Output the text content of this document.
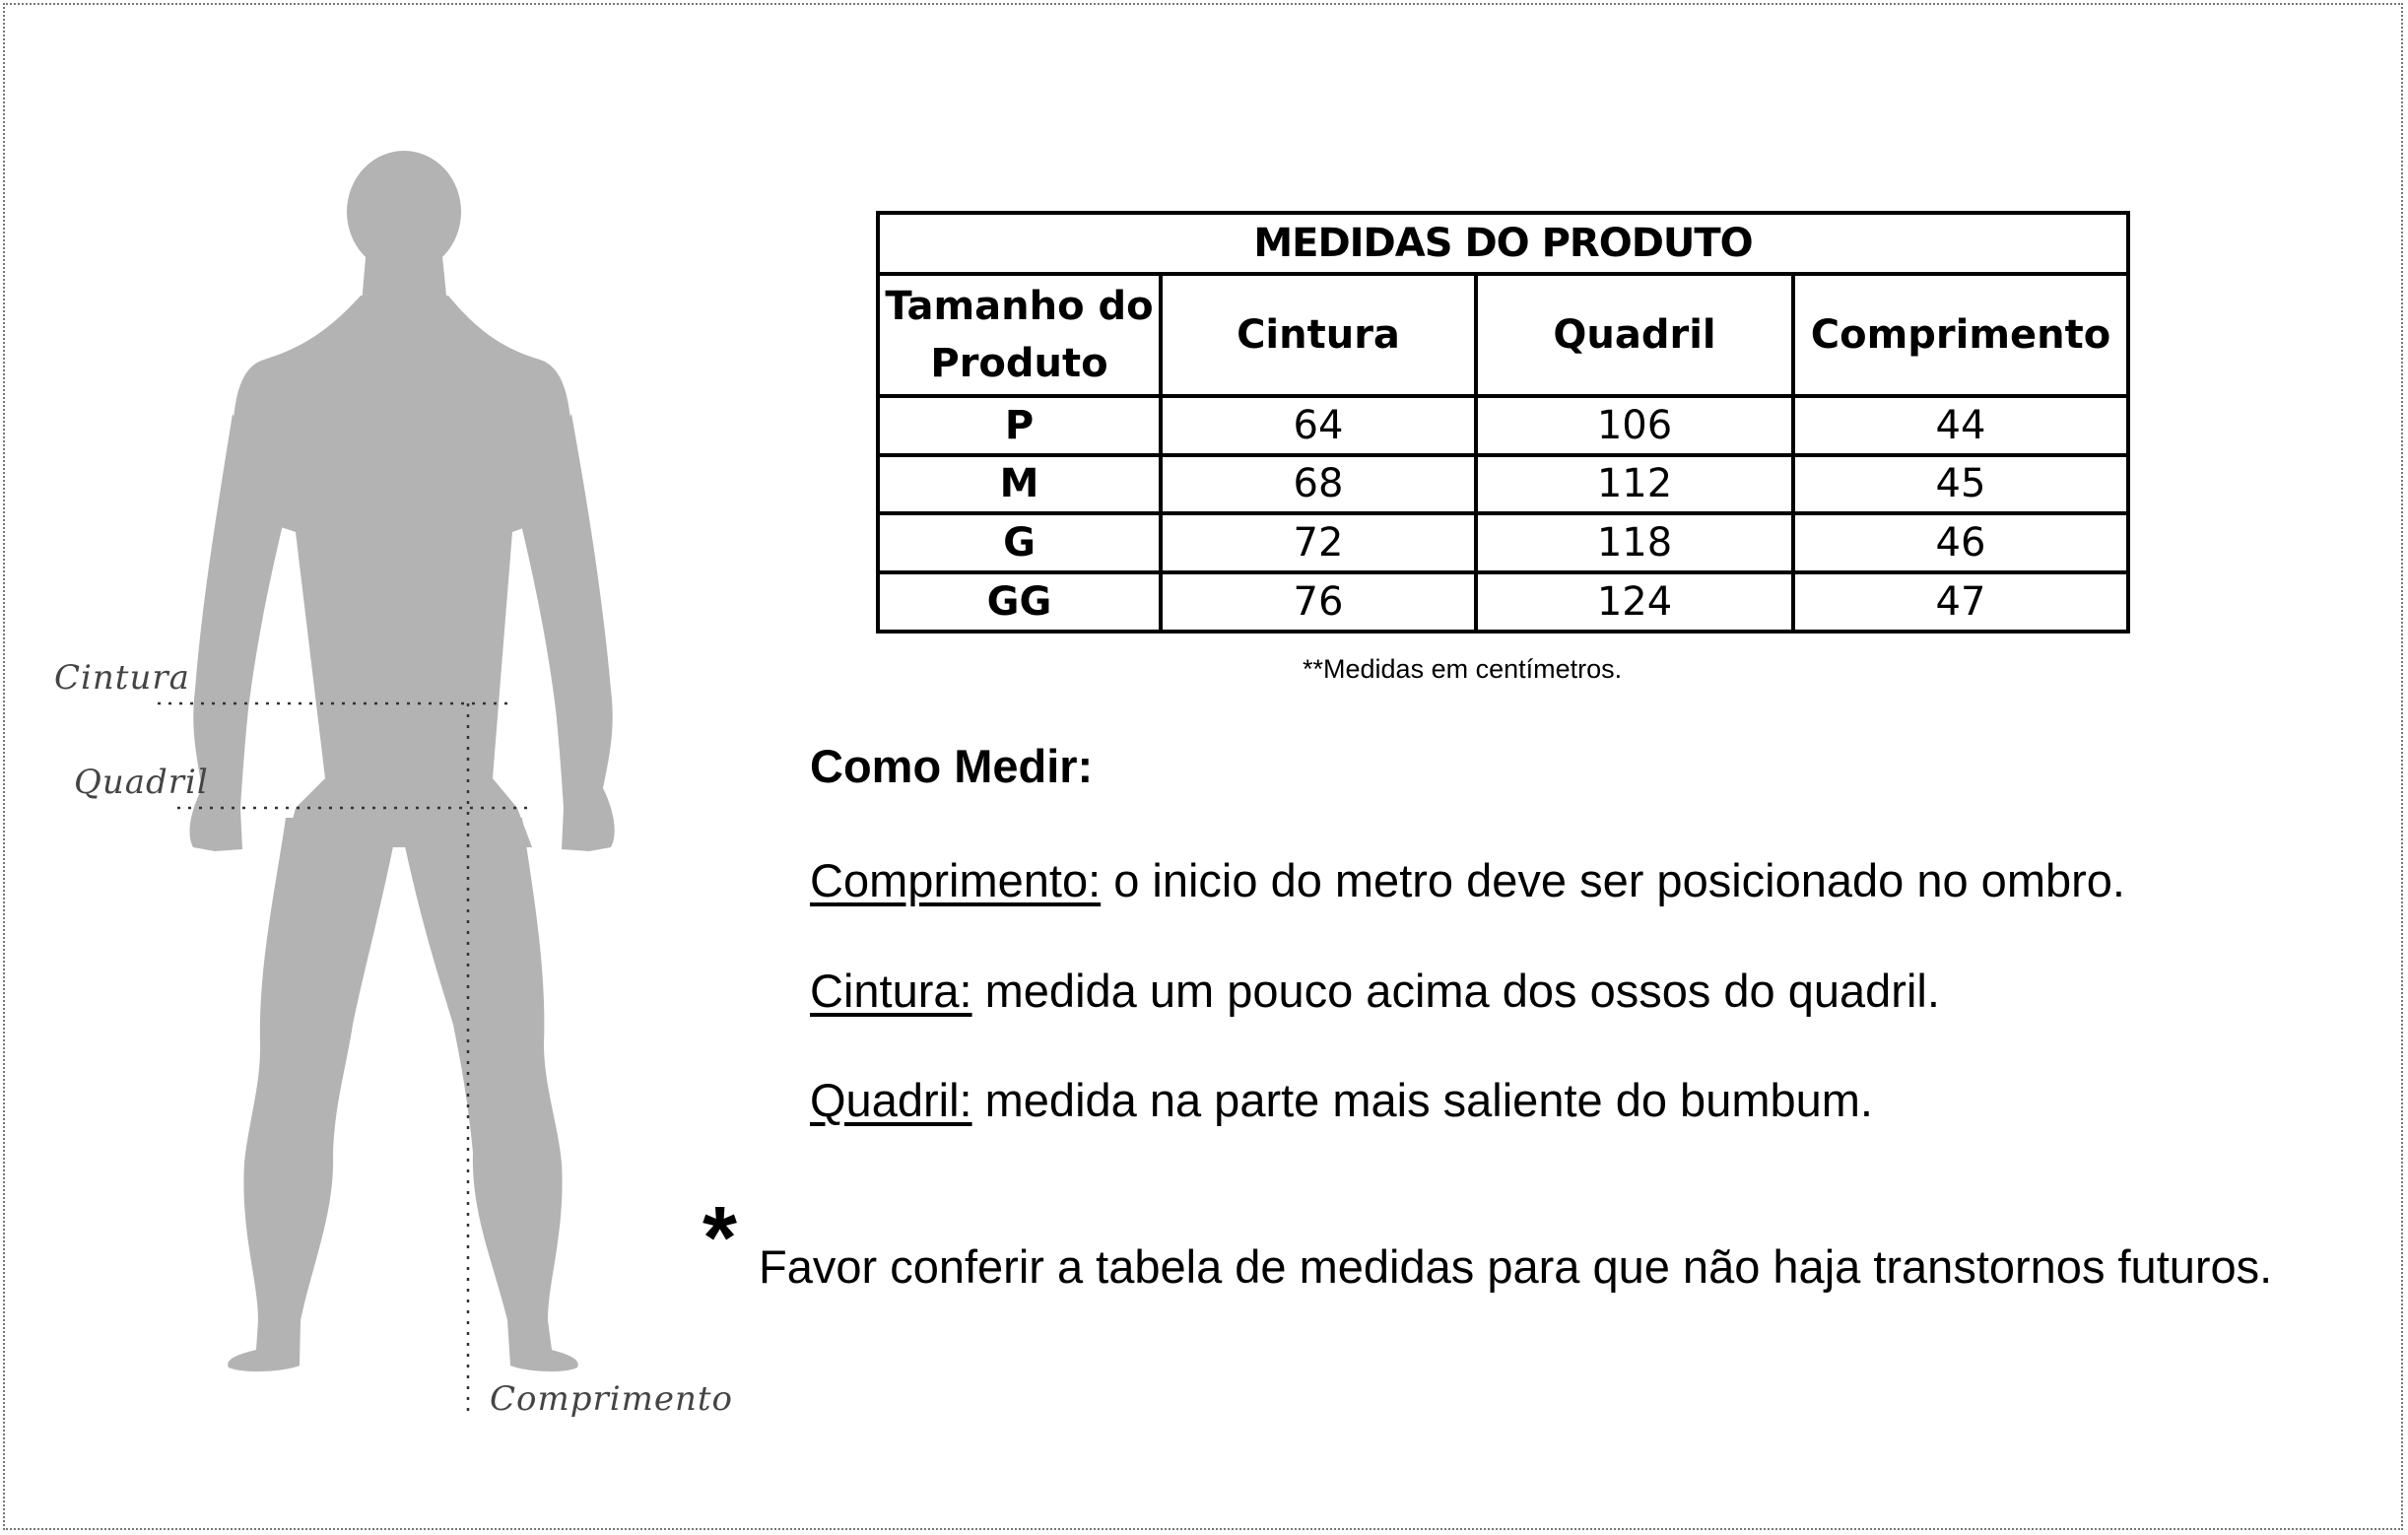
Cintura
Quadril
Comprimento
MEDIDAS DO PRODUTO			
Tamanho do
Produto	Cintura	Quadril	Comprimento
P	64	106	44
M	68	112	45
G	72	118	46
GG	76	124	47
**Medidas em centímetros.
Como Medir:
Comprimento: o inicio do metro deve ser posicionado no ombro.
Cintura: medida um pouco acima dos ossos do quadril.
Quadril: medida na parte mais saliente do bumbum.
* Favor conferir a tabela de medidas para que não haja transtornos futuros.
